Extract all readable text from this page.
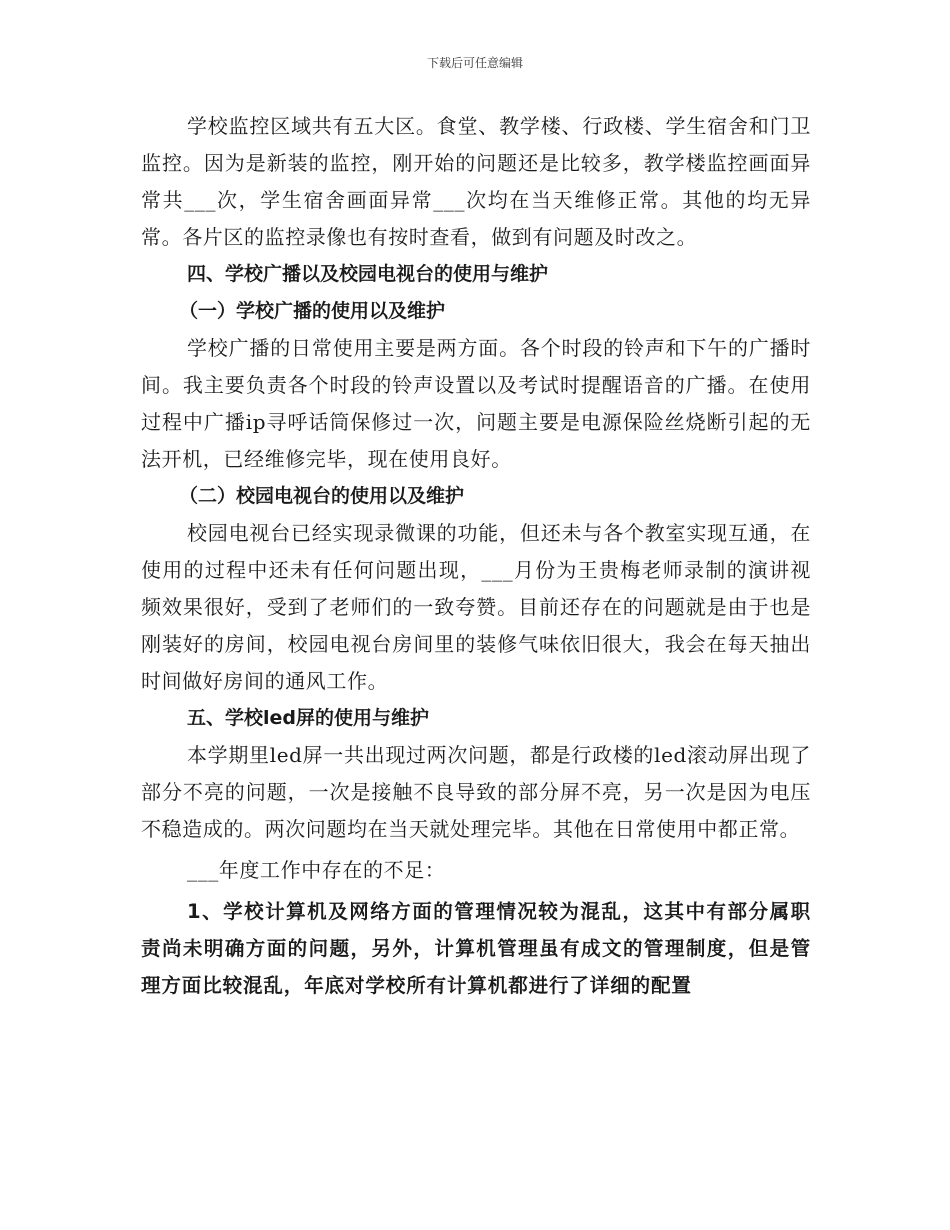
下载后可任意编辑

学校监控区域共有五大区。食堂、教学楼、行政楼、学生宿舍和门卫监控。因为是新装的监控，刚开始的问题还是比较多，教学楼监控画面异常共___次，学生宿舍画面异常___次均在当天维修正常。其他的均无异常。各片区的监控录像也有按时查看，做到有问题及时改之。

四、学校广播以及校园电视台的使用与维护

（一）学校广播的使用以及维护

学校广播的日常使用主要是两方面。各个时段的铃声和下午的广播时间。我主要负责各个时段的铃声设置以及考试时提醒语音的广播。在使用过程中广播ip寻呼话筒保修过一次，问题主要是电源保险丝烧断引起的无法开机，已经维修完毕，现在使用良好。

（二）校园电视台的使用以及维护

校园电视台已经实现录微课的功能，但还未与各个教室实现互通，在使用的过程中还未有任何问题出现，___月份为王贵梅老师录制的演讲视频效果很好，受到了老师们的一致夸赞。目前还存在的问题就是由于也是刚装好的房间，校园电视台房间里的装修气味依旧很大，我会在每天抽出时间做好房间的通风工作。

五、学校led屏的使用与维护

本学期里led屏一共出现过两次问题，都是行政楼的led滚动屏出现了部分不亮的问题，一次是接触不良导致的部分屏不亮，另一次是因为电压不稳造成的。两次问题均在当天就处理完毕。其他在日常使用中都正常。

___年度工作中存在的不足：

1、学校计算机及网络方面的管理情况较为混乱，这其中有部分属职责尚未明确方面的问题，另外，计算机管理虽有成文的管理制度，但是管理方面比较混乱，年底对学校所有计算机都进行了详细的配置
